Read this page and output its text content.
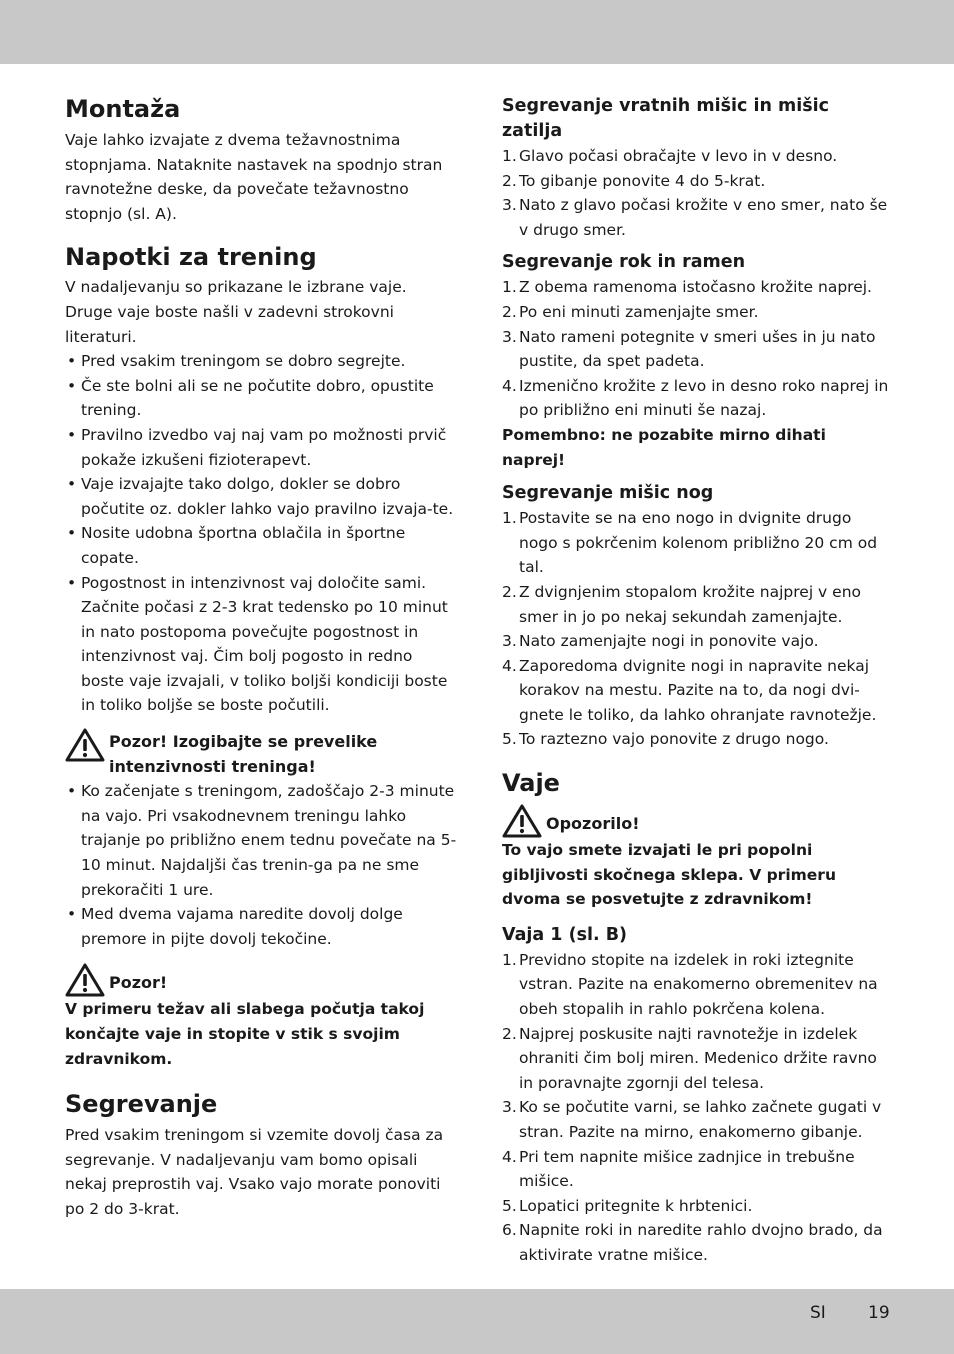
Montaža

Vaje lahko izvajate z dvema težavnostnima stopnjama. Nataknite nastavek na spodnjo stran ravnotežne deske, da povečate težavnostno stopnjo (sl. A).

Napotki za trening

V nadaljevanju so prikazane le izbrane vaje. Druge vaje boste našli v zadevni strokovni literaturi.

• Pred vsakim treningom se dobro segrejte.
• Če ste bolni ali se ne počutite dobro, opustite trening.
• Pravilno izvedbo vaj naj vam po možnosti prvič pokaže izkušeni fizioterapevt.
• Vaje izvajajte tako dolgo, dokler se dobro počutite oz. dokler lahko vajo pravilno izvaja-te.
• Nosite udobna športna oblačila in športne copate.
• Pogostnost in intenzivnost vaj določite sami. Začnite počasi z 2-3 krat tedensko po 10 minut in nato postopoma povečujte pogostnost in intenzivnost vaj. Čim bolj pogosto in redno boste vaje izvajali, v toliko boljši kondiciji boste in toliko boljše se boste počutili.
Pozor! Izogibajte se prevelike
intenzivnosti treninga!
• Ko začenjate s treningom, zadoščajo 2-3 minute na vajo. Pri vsakodnevnem treningu lahko trajanje po približno enem tednu povečate na 5-10 minut. Najdaljši čas trenin-ga pa ne sme prekoračiti 1 ure.
• Med dvema vajama naredite dovolj dolge premore in pijte dovolj tekočine.
Pozor!

V primeru težav ali slabega počutja takoj končajte vaje in stopite v stik s svojim zdravnikom.

Segrevanje

Pred vsakim treningom si vzemite dovolj časa za segrevanje. V nadaljevanju vam bomo opisali nekaj preprostih vaj. Vsako vajo morate ponoviti po 2 do 3-krat.

Segrevanje vratnih mišic in mišic zatilja
1. Glavo počasi obračajte v levo in v desno.
2. To gibanje ponovite 4 do 5-krat.
3. Nato z glavo počasi krožite v eno smer, nato še v drugo smer.
Segrevanje rok in ramen
1. Z obema ramenoma istočasno krožite naprej.
2. Po eni minuti zamenjajte smer.
3. Nato rameni potegnite v smeri ušes in ju nato pustite, da spet padeta.
4. Izmenično krožite z levo in desno roko naprej in po približno eni minuti še nazaj.

Pomembno: ne pozabite mirno dihati naprej!

Segrevanje mišic nog
1. Postavite se na eno nogo in dvignite drugo nogo s pokrčenim kolenom približno 20 cm od tal.
2. Z dvignjenim stopalom krožite najprej v eno smer in jo po nekaj sekundah zamenjajte.
3. Nato zamenjajte nogi in ponovite vajo.
4. Zaporedoma dvignite nogi in napravite nekaj korakov na mestu. Pazite na to, da nogi dvi-gnete le toliko, da lahko ohranjate ravnotežje.
5. To raztezno vajo ponovite z drugo nogo.
Vaje
Opozorilo!

To vajo smete izvajati le pri popolni gibljivosti skočnega sklepa. V primeru dvoma se posvetujte z zdravnikom!

Vaja 1 (sl. B)
1. Previdno stopite na izdelek in roki iztegnite vstran. Pazite na enakomerno obremenitev na obeh stopalih in rahlo pokrčena kolena.
2. Najprej poskusite najti ravnotežje in izdelek ohraniti čim bolj miren. Medenico držite ravno in poravnajte zgornji del telesa.
3. Ko se počutite varni, se lahko začnete gugati v stran. Pazite na mirno, enakomerno gibanje.
4. Pri tem napnite mišice zadnjice in trebušne mišice.
5. Lopatici pritegnite k hrbtenici.
6. Napnite roki in naredite rahlo dvojno brado, da aktivirate vratne mišice.
SI 19
